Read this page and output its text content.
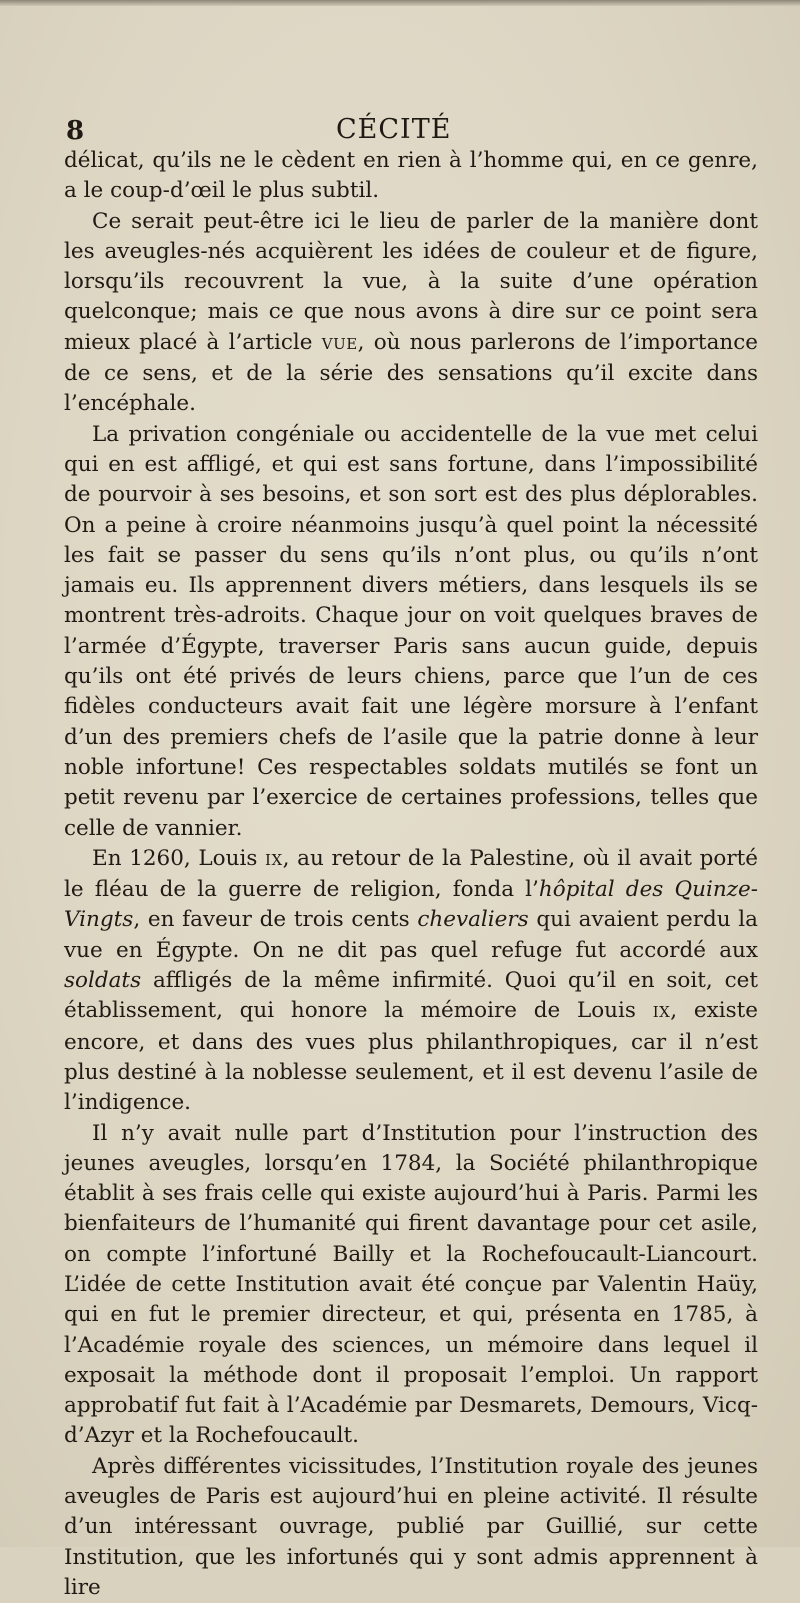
8	CÉCITÉ

délicat, qu’ils ne le cèdent en rien à l’homme qui, en ce genre, a le coup-d’œil le plus subtil.

Ce serait peut-être ici le lieu de parler de la manière dont les aveugles-nés acquièrent les idées de couleur et de figure, lorsqu’ils recouvrent la vue, à la suite d’une opération quelconque; mais ce que nous avons à dire sur ce point sera mieux placé à l’article VUE, où nous parlerons de l’importance de ce sens, et de la série des sensations qu’il excite dans l’encéphale.

La privation congéniale ou accidentelle de la vue met celui qui en est affligé, et qui est sans fortune, dans l’impossibilité de pourvoir à ses besoins, et son sort est des plus déplorables. On a peine à croire néanmoins jusqu’à quel point la nécessité les fait se passer du sens qu’ils n’ont plus, ou qu’ils n’ont jamais eu. Ils apprennent divers métiers, dans lesquels ils se montrent très-adroits. Chaque jour on voit quelques braves de l’armée d’Égypte, traverser Paris sans aucun guide, depuis qu’ils ont été privés de leurs chiens, parce que l’un de ces fidèles conducteurs avait fait une légère morsure à l’enfant d’un des premiers chefs de l’asile que la patrie donne à leur noble infortune! Ces respectables soldats mutilés se font un petit revenu par l’exercice de certaines professions, telles que celle de vannier.

En 1260, Louis IX, au retour de la Palestine, où il avait porté le fléau de la guerre de religion, fonda l’hôpital des Quinze-Vingts, en faveur de trois cents chevaliers qui avaient perdu la vue en Égypte. On ne dit pas quel refuge fut accordé aux soldats affligés de la même infirmité. Quoi qu’il en soit, cet établissement, qui honore la mémoire de Louis IX, existe encore, et dans des vues plus philanthropiques, car il n’est plus destiné à la noblesse seulement, et il est devenu l’asile de l’indigence.

Il n’y avait nulle part d’Institution pour l’instruction des jeunes aveugles, lorsqu’en 1784, la Société philanthropique établit à ses frais celle qui existe aujourd’hui à Paris. Parmi les bienfaiteurs de l’humanité qui firent davantage pour cet asile, on compte l’infortuné Bailly et la Rochefoucault-Liancourt. L’idée de cette Institution avait été conçue par Valentin Haüy, qui en fut le premier directeur, et qui, présenta en 1785, à l’Académie royale des sciences, un mémoire dans lequel il exposait la méthode dont il proposait l’emploi. Un rapport approbatif fut fait à l’Académie par Desmarets, Demours, Vicq-d’Azyr et la Rochefoucault.

Après différentes vicissitudes, l’Institution royale des jeunes aveugles de Paris est aujourd’hui en pleine activité. Il résulte d’un intéressant ouvrage, publié par Guillié, sur cette Institution, que les infortunés qui y sont admis apprennent à lire
